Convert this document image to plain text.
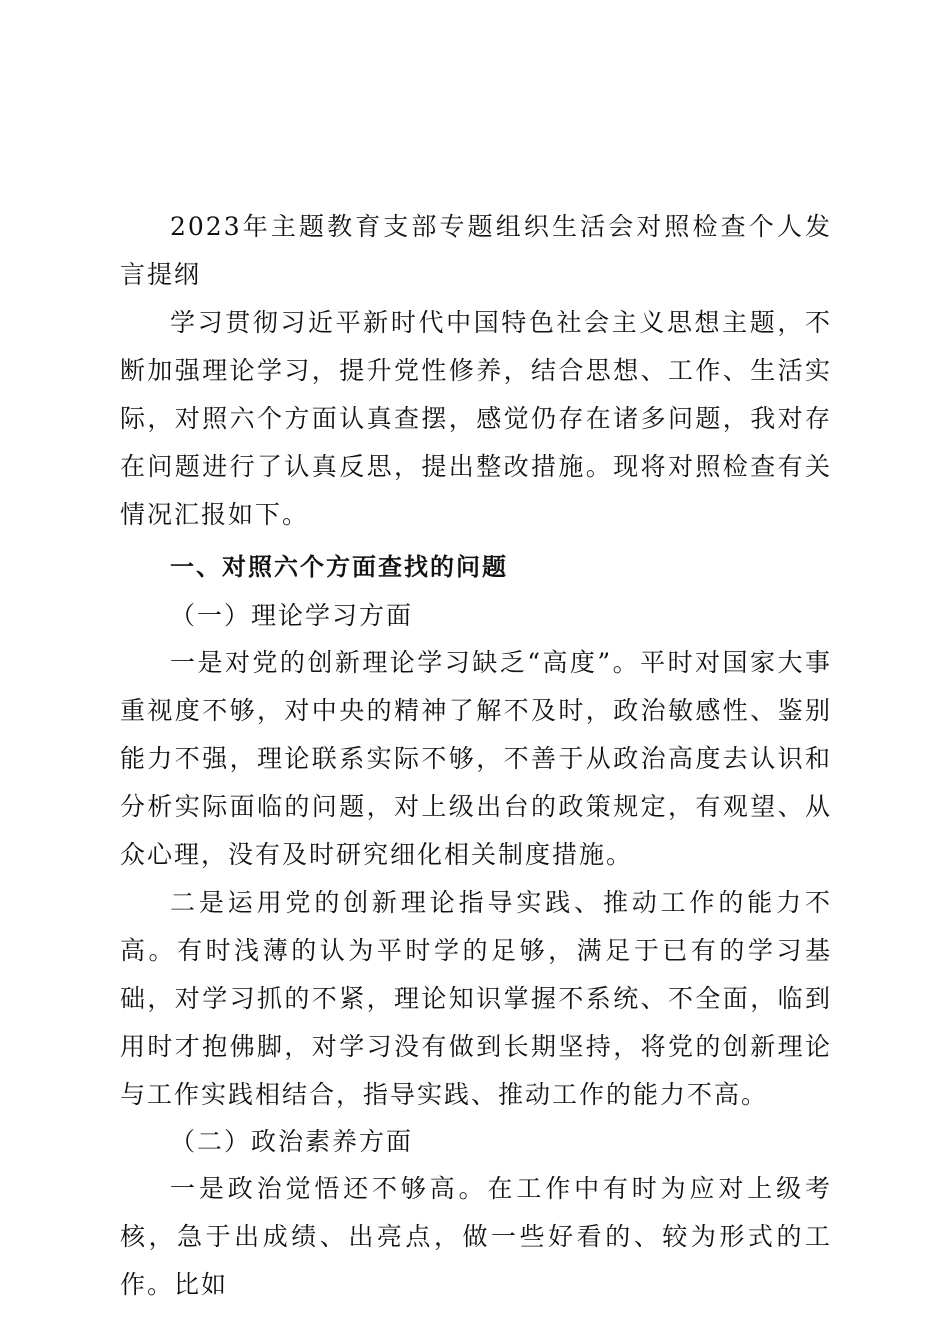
2023年主题教育支部专题组织生活会对照检查个人发言提纲

学习贯彻习近平新时代中国特色社会主义思想主题，不断加强理论学习，提升党性修养，结合思想、工作、生活实际，对照六个方面认真查摆，感觉仍存在诸多问题，我对存在问题进行了认真反思，提出整改措施。现将对照检查有关情况汇报如下。

一、对照六个方面查找的问题

（一）理论学习方面

一是对党的创新理论学习缺乏“高度”。平时对国家大事重视度不够，对中央的精神了解不及时，政治敏感性、鉴别能力不强，理论联系实际不够，不善于从政治高度去认识和分析实际面临的问题，对上级出台的政策规定，有观望、从众心理，没有及时研究细化相关制度措施。

二是运用党的创新理论指导实践、推动工作的能力不高。有时浅薄的认为平时学的足够，满足于已有的学习基础，对学习抓的不紧，理论知识掌握不系统、不全面，临到用时才抱佛脚，对学习没有做到长期坚持，将党的创新理论与工作实践相结合，指导实践、推动工作的能力不高。

（二）政治素养方面

一是政治觉悟还不够高。在工作中有时为应对上级考核，急于出成绩、出亮点，做一些好看的、较为形式的工作。比如
